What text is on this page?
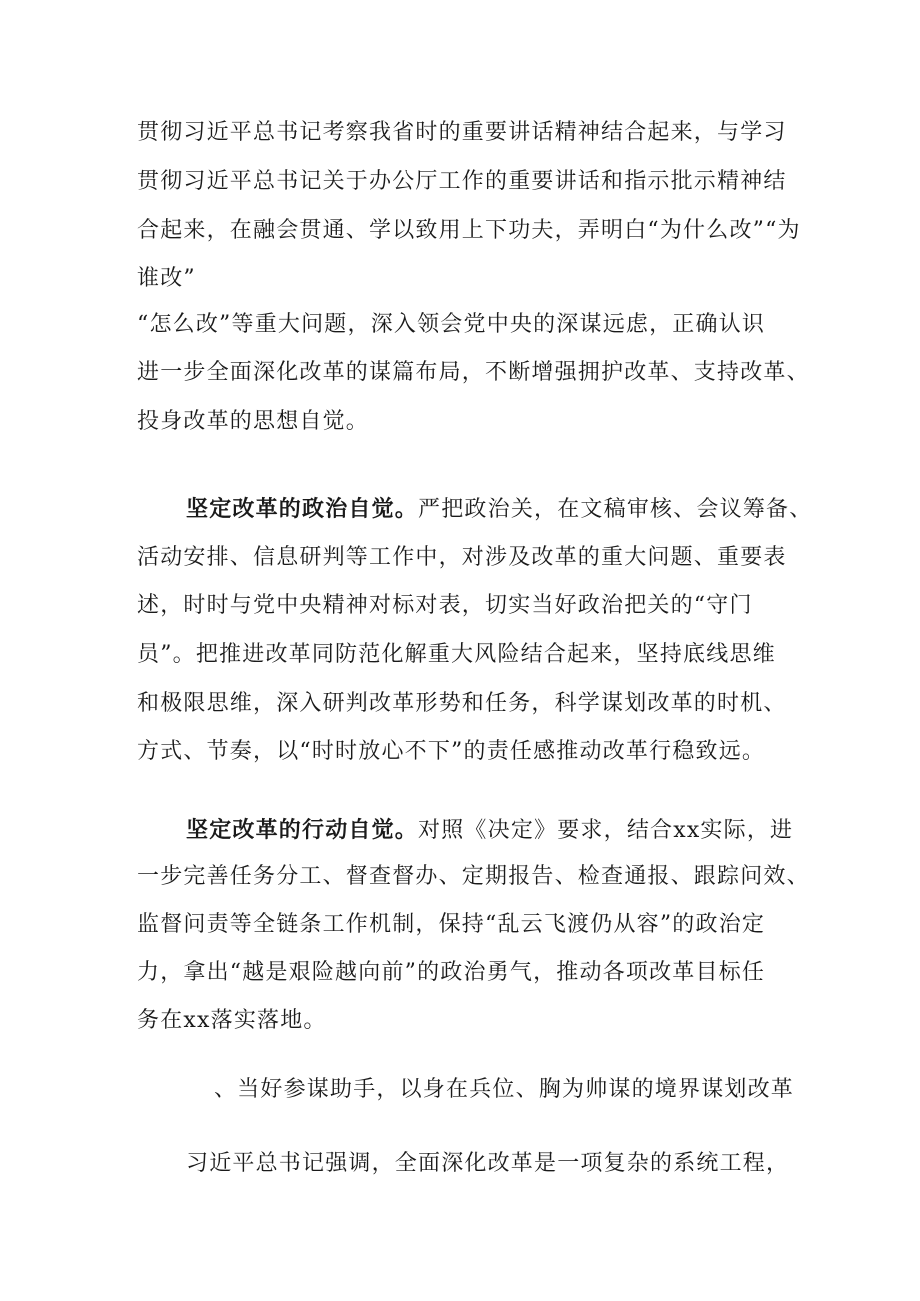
贯彻习近平总书记考察我省时的重要讲话精神结合起来，与学习
贯彻习近平总书记关于办公厅工作的重要讲话和指示批示精神结
合起来，在融会贯通、学以致用上下功夫，弄明白“为什么改”“为
谁改”
“怎么改”等重大问题，深入领会党中央的深谋远虑，正确认识
进一步全面深化改革的谋篇布局，不断增强拥护改革、支持改革、
投身改革的思想自觉。
坚定改革的政治自觉。严把政治关，在文稿审核、会议筹备、
活动安排、信息研判等工作中，对涉及改革的重大问题、重要表
述，时时与党中央精神对标对表，切实当好政治把关的“守门
员”。把推进改革同防范化解重大风险结合起来，坚持底线思维
和极限思维，深入研判改革形势和任务，科学谋划改革的时机、
方式、节奏，以“时时放心不下”的责任感推动改革行稳致远。
坚定改革的行动自觉。对照《决定》要求，结合xx实际，进
一步完善任务分工、督查督办、定期报告、检查通报、跟踪问效、
监督问责等全链条工作机制，保持“乱云飞渡仍从容”的政治定
力，拿出“越是艰险越向前”的政治勇气，推动各项改革目标任
务在xx落实落地。
、当好参谋助手，以身在兵位、胸为帅谋的境界谋划改革
习近平总书记强调，全面深化改革是一项复杂的系统工程，
